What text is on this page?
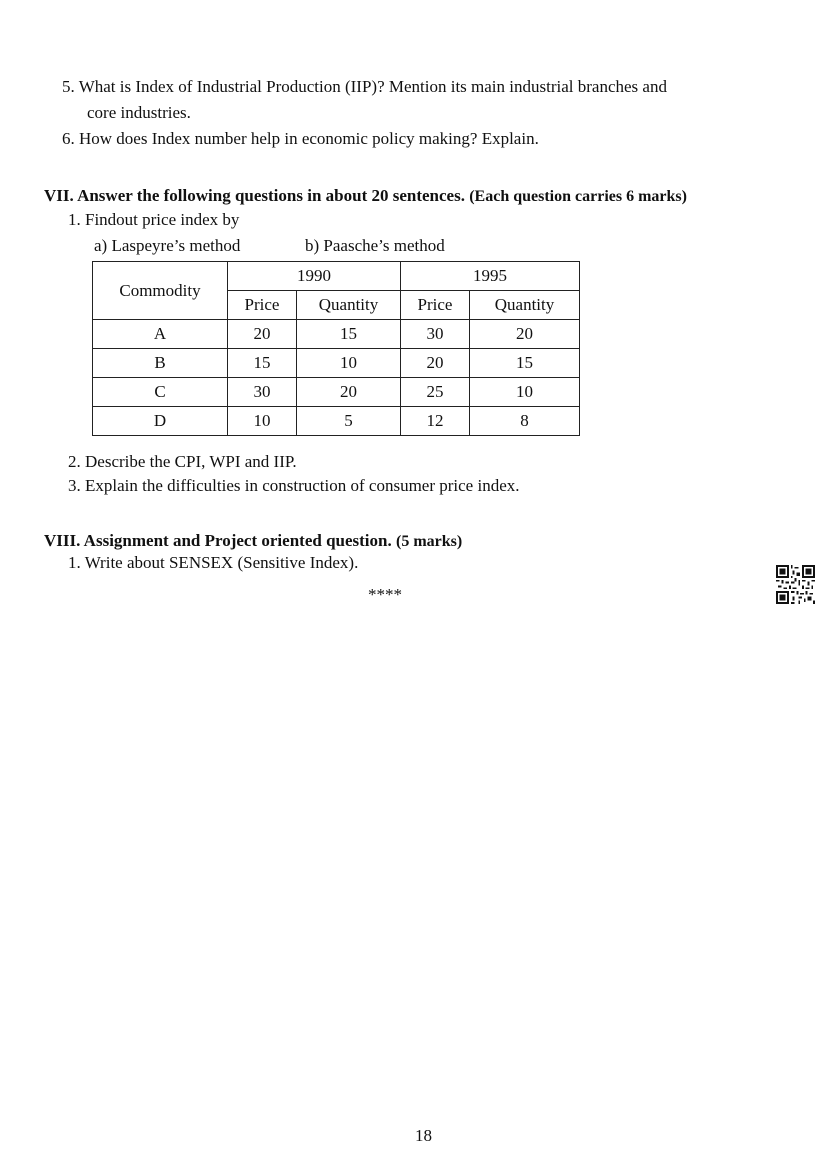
5. What is Index of Industrial Production (IIP)? Mention its main industrial branches and
core industries.
6. How does Index number help in economic policy making? Explain.
VII. Answer the following questions in about 20 sentences. (Each question carries 6 marks)
1. Findout price index by
a) Laspeyre’s method	b) Paasche’s method
Commodity	1990		1995	
	Price	Quantity	Price	Quantity
A	20	15	30	20
B	15	10	20	15
C	30	20	25	10
D	10	5	12	8
2. Describe the CPI, WPI and IIP.
3. Explain the difficulties in construction of consumer price index.
VIII. Assignment and Project oriented question. (5 marks)
1. Write about SENSEX (Sensitive Index).
****
18
